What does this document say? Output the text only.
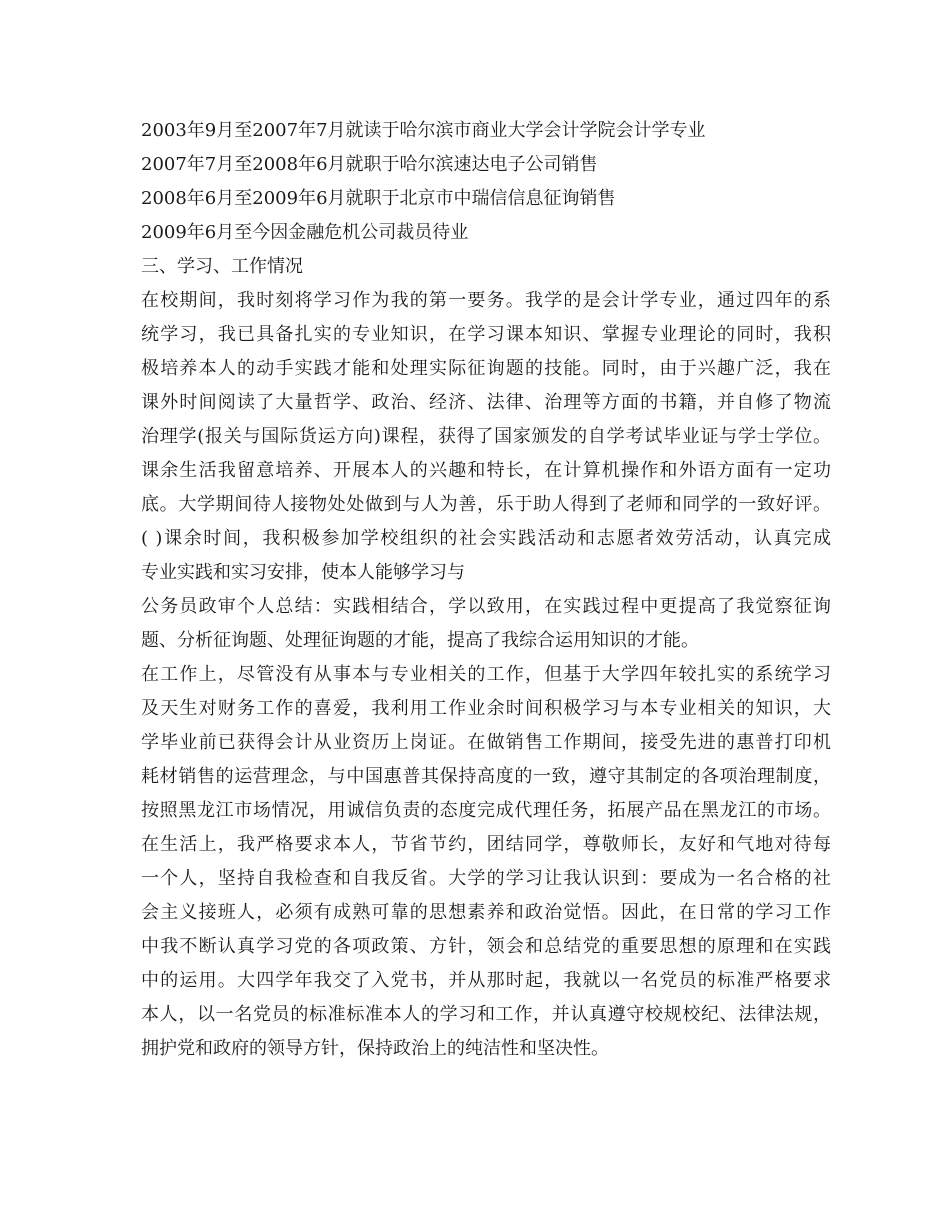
2003年9月至2007年7月就读于哈尔滨市商业大学会计学院会计学专业
2007年7月至2008年6月就职于哈尔滨速达电子公司销售
2008年6月至2009年6月就职于北京市中瑞信信息征询销售
2009年6月至今因金融危机公司裁员待业
三、学习、工作情况
在校期间，我时刻将学习作为我的第一要务。我学的是会计学专业，通过四年的系
统学习，我已具备扎实的专业知识，在学习课本知识、掌握专业理论的同时，我积
极培养本人的动手实践才能和处理实际征询题的技能。同时，由于兴趣广泛，我在
课外时间阅读了大量哲学、政治、经济、法律、治理等方面的书籍，并自修了物流
治理学(报关与国际货运方向)课程，获得了国家颁发的自学考试毕业证与学士学位。
课余生活我留意培养、开展本人的兴趣和特长，在计算机操作和外语方面有一定功
底。大学期间待人接物处处做到与人为善，乐于助人得到了老师和同学的一致好评。
( )课余时间，我积极参加学校组织的社会实践活动和志愿者效劳活动，认真完成
专业实践和实习安排，使本人能够学习与
公务员政审个人总结：实践相结合，学以致用，在实践过程中更提高了我觉察征询
题、分析征询题、处理征询题的才能，提高了我综合运用知识的才能。
在工作上，尽管没有从事本与专业相关的工作，但基于大学四年较扎实的系统学习
及天生对财务工作的喜爱，我利用工作业余时间积极学习与本专业相关的知识，大
学毕业前已获得会计从业资历上岗证。在做销售工作期间，接受先进的惠普打印机
耗材销售的运营理念，与中国惠普其保持高度的一致，遵守其制定的各项治理制度，
按照黑龙江市场情况，用诚信负责的态度完成代理任务，拓展产品在黑龙江的市场。
在生活上，我严格要求本人，节省节约，团结同学，尊敬师长，友好和气地对待每
一个人，坚持自我检查和自我反省。大学的学习让我认识到：要成为一名合格的社
会主义接班人，必须有成熟可靠的思想素养和政治觉悟。因此，在日常的学习工作
中我不断认真学习党的各项政策、方针，领会和总结党的重要思想的原理和在实践
中的运用。大四学年我交了入党书，并从那时起，我就以一名党员的标准严格要求
本人，以一名党员的标准标准本人的学习和工作，并认真遵守校规校纪、法律法规，
拥护党和政府的领导方针，保持政治上的纯洁性和坚决性。
